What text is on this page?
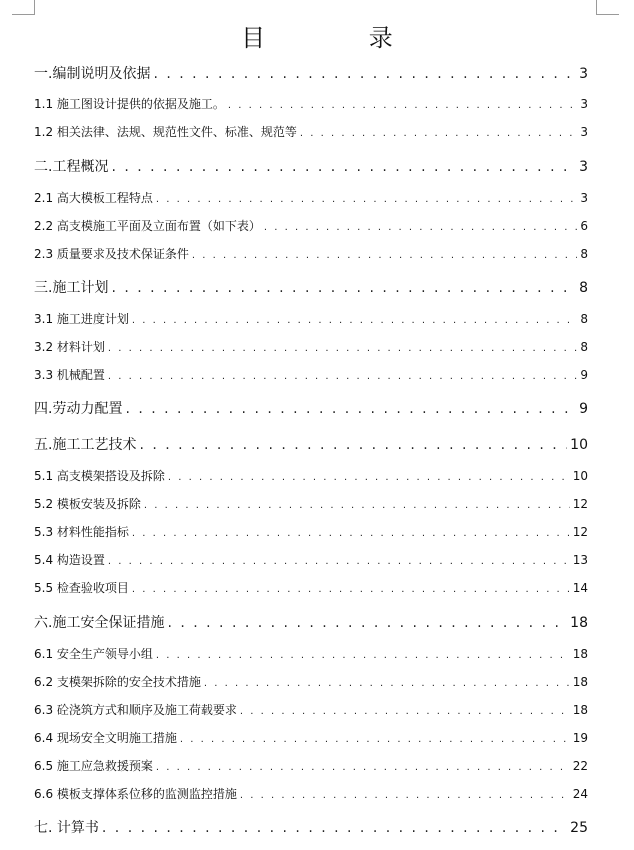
目 录
一.编制说明及依据 . . .	3
1.1 施工图设计提供的依据及施工。 . . .	3
1.2 相关法律、法规、规范性文件、标准、规范等 . . .	3
二.工程概况 . . .	3
2.1 高大模板工程特点 . . .	3
2.2 高支模施工平面及立面布置（如下表） . . .	6
2.3 质量要求及技术保证条件 . . .	8
三.施工计划 . . .	8
3.1 施工进度计划 . . .	8
3.2 材料计划 . . .	8
3.3 机械配置 . . .	9
四.劳动力配置 . . .	9
五.施工工艺技术 . . .	10
5.1 高支模架搭设及拆除 . . .	10
5.2 模板安装及拆除 . . .	12
5.3 材料性能指标 . . .	12
5.4 构造设置 . . .	13
5.5 检查验收项目 . . .	14
六.施工安全保证措施 . . .	18
6.1 安全生产领导小组 . . .	18
6.2 支模架拆除的安全技术措施 . . .	18
6.3 砼浇筑方式和顺序及施工荷载要求 . . .	18
6.4 现场安全文明施工措施 . . .	19
6.5 施工应急救援预案 . . .	22
6.6 模板支撑体系位移的监测监控措施 . . .	24
七. 计算书 . . .	25
